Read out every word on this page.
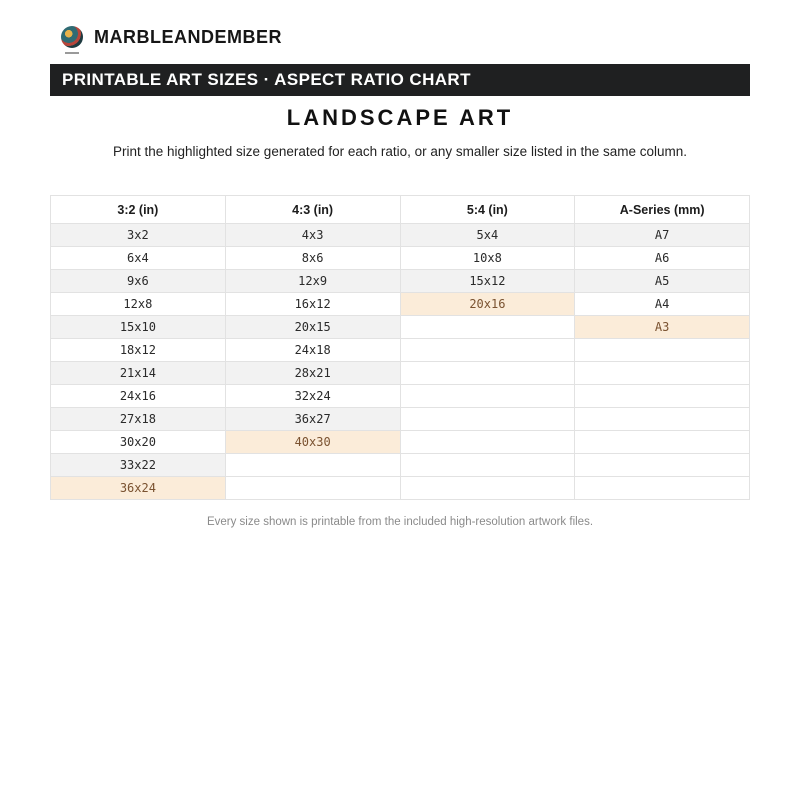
MARBLEANDEMBER
PRINTABLE ART SIZES · ASPECT RATIO CHART
LANDSCAPE ART
Print the highlighted size generated for each ratio, or any smaller size listed in the same column.
3:2 (in)	4:3 (in)	5:4 (in)	A-Series (mm)
3x2	4x3	5x4	A7
6x4	8x6	10x8	A6
9x6	12x9	15x12	A5
12x8	16x12	20x16	A4
15x10	20x15		A3
18x12	24x18		
21x14	28x21		
24x16	32x24		
27x18	36x27		
30x20	40x30		
33x22			
36x24			
Every size shown is printable from the included high-resolution artwork files.
